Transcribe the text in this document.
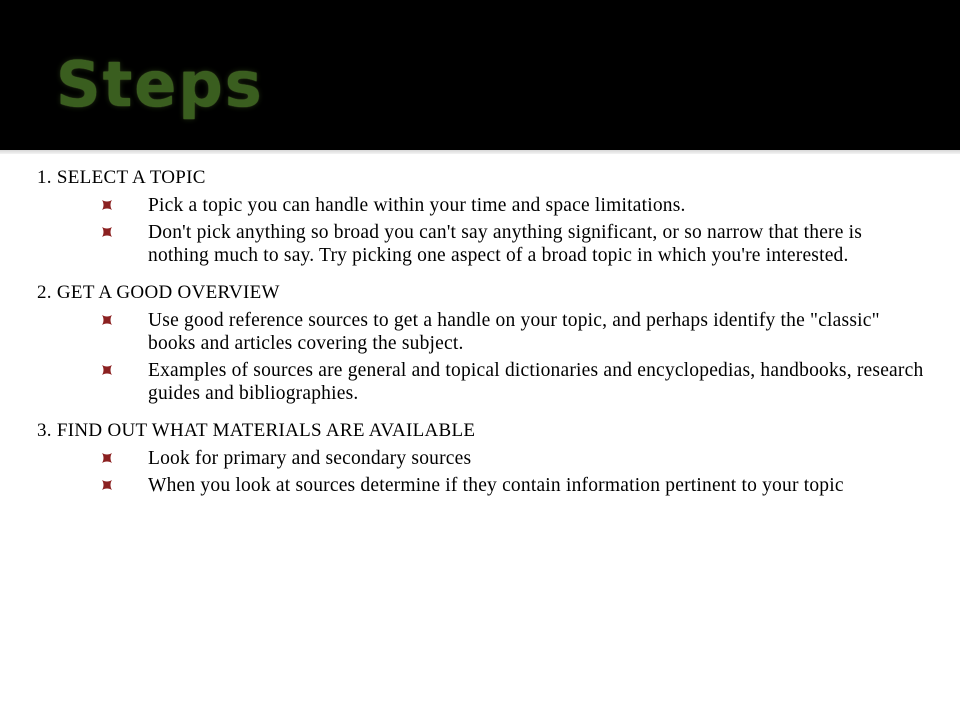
Steps
1. SELECT A TOPIC
Pick a topic you can handle within your time and space limitations.
Don't pick anything so broad you can't say anything significant, or so narrow that there is nothing much to say. Try picking one aspect of a broad topic in which you're interested.
2. GET A GOOD OVERVIEW
Use good reference sources to get a handle on your topic, and perhaps identify the "classic" books and articles covering the subject.
Examples of sources are general and topical dictionaries and encyclopedias, handbooks, research guides and bibliographies.
3. FIND OUT WHAT MATERIALS ARE AVAILABLE
Look for primary and secondary sources
When you look at sources determine if they contain information pertinent to your topic
